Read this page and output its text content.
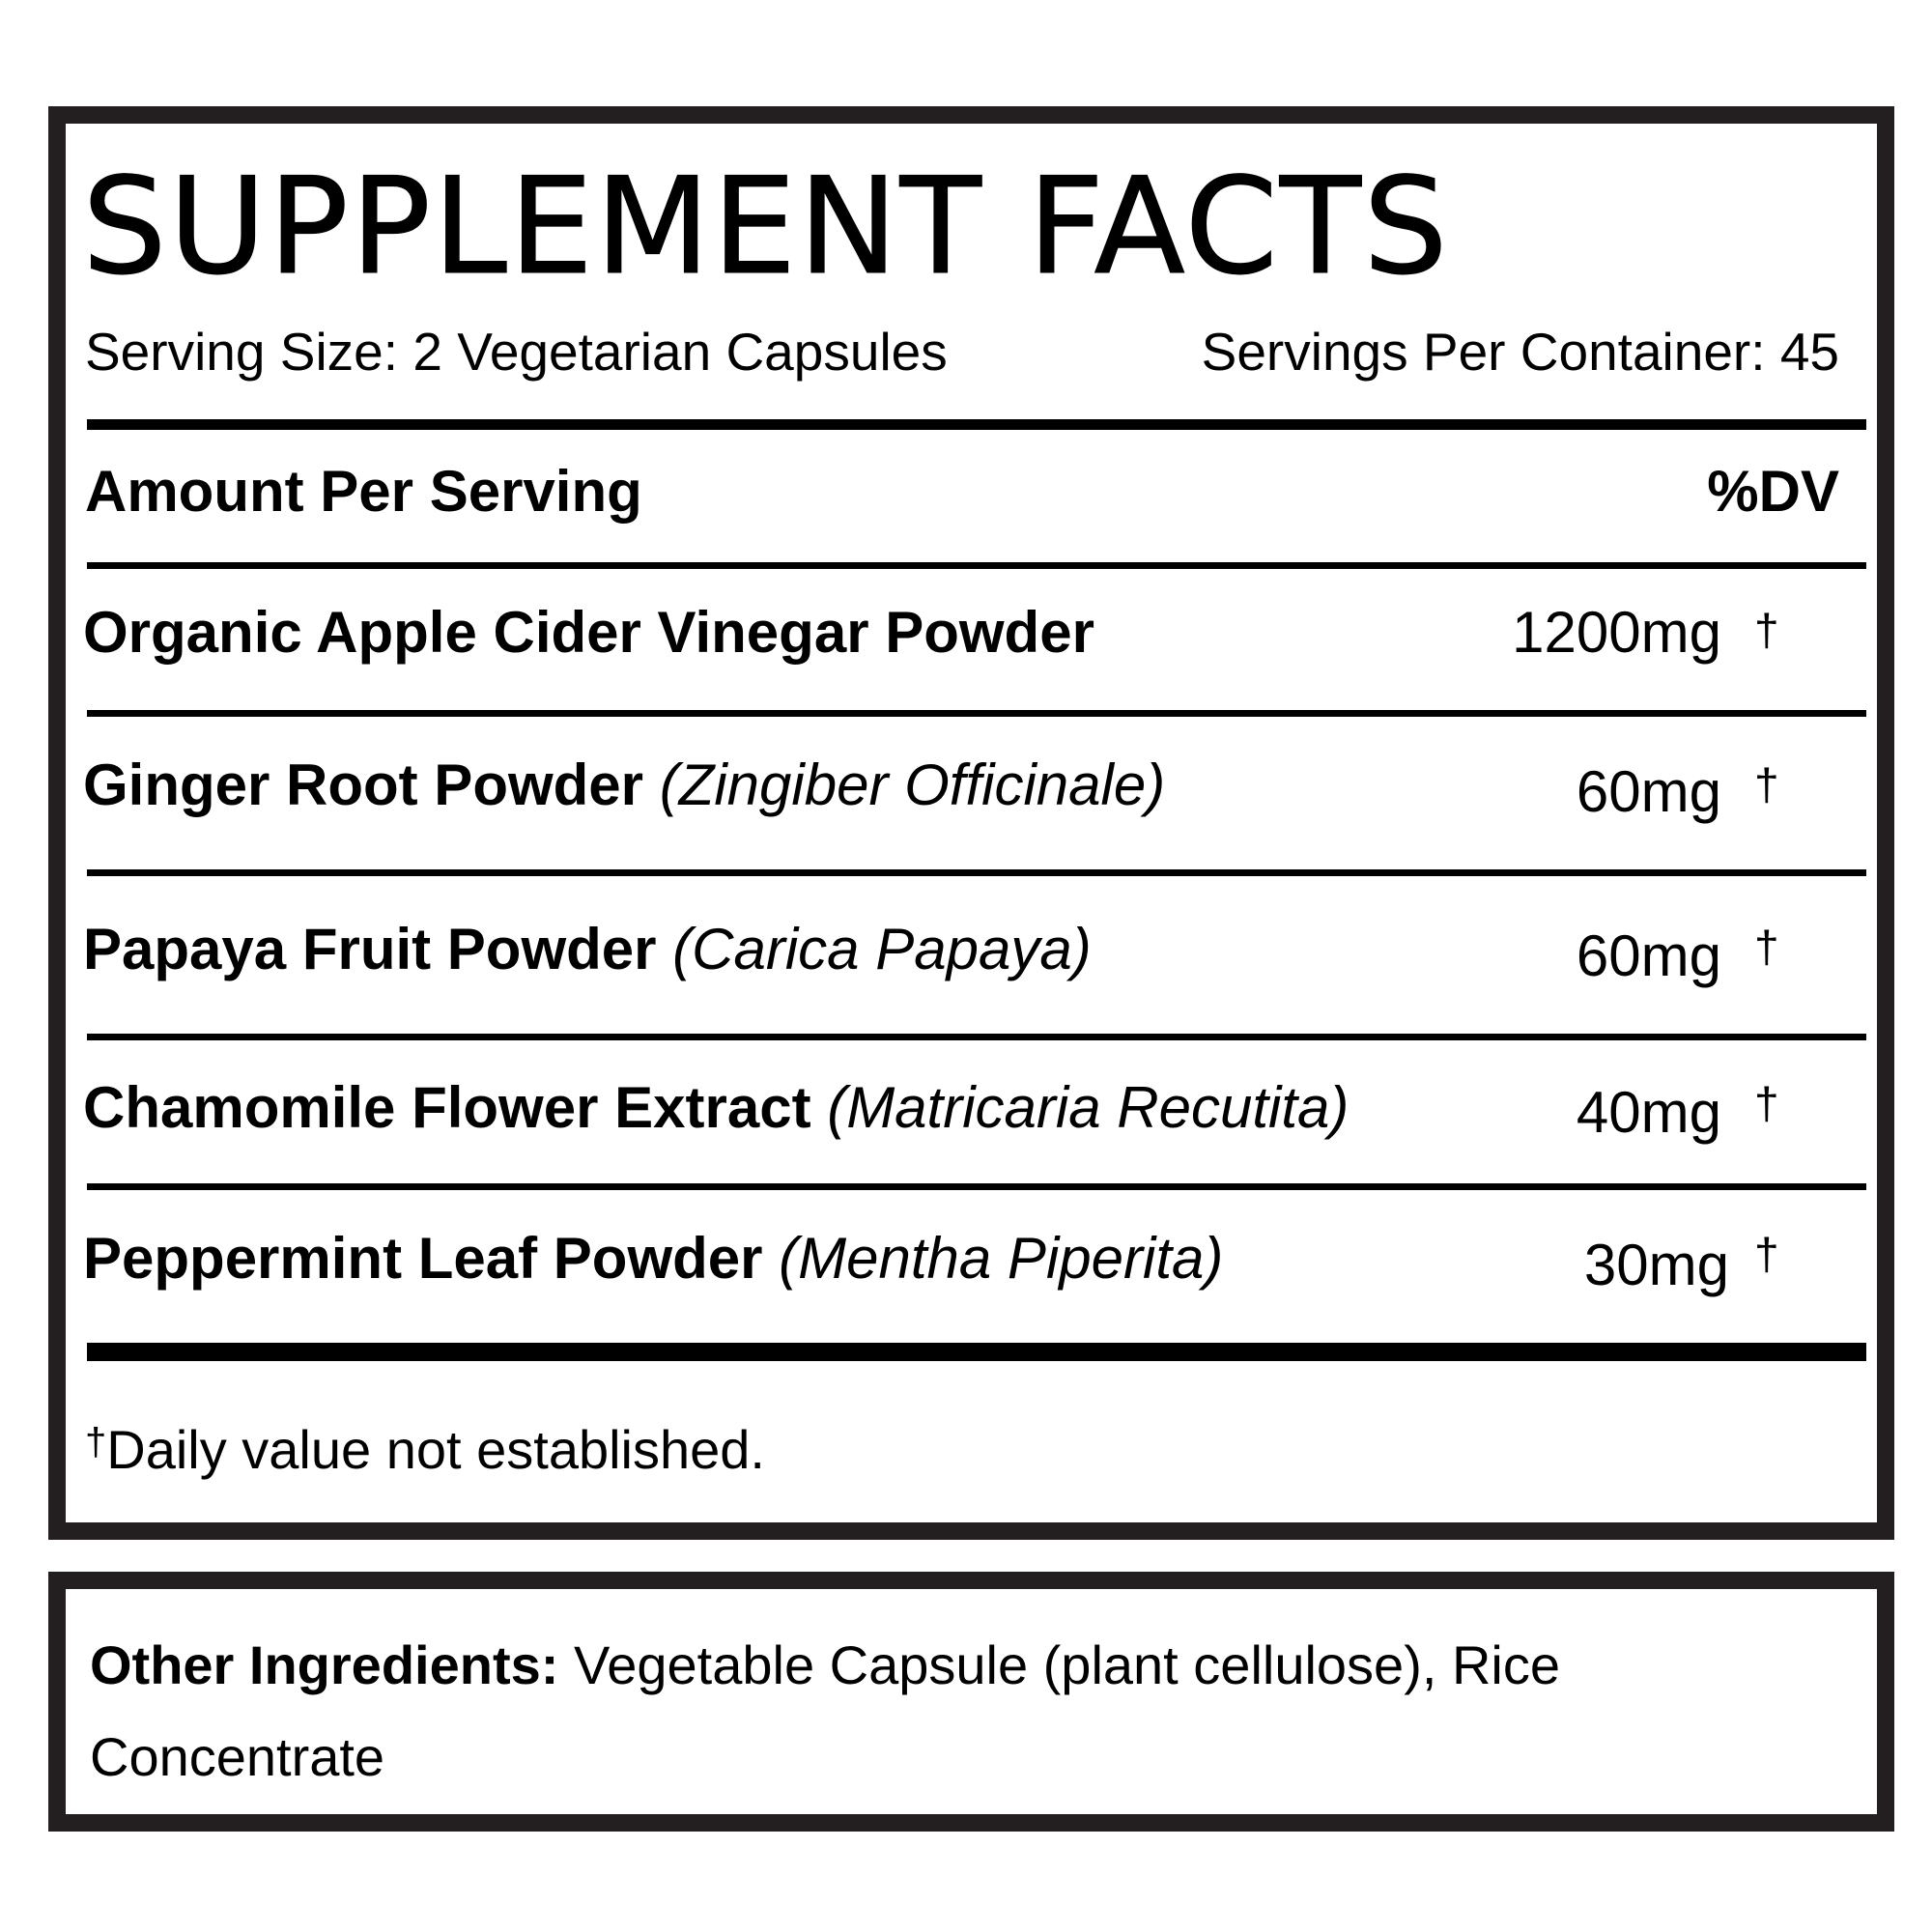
SUPPLEMENT FACTS
Serving Size: 2 Vegetarian Capsules	Servings Per Container: 45
Amount Per Serving	%DV
Organic Apple Cider Vinegar Powder	1200mg †
Ginger Root Powder (Zingiber Officinale)	60mg †
Papaya Fruit Powder (Carica Papaya)	60mg †
Chamomile Flower Extract (Matricaria Recutita)	40mg †
Peppermint Leaf Powder (Mentha Piperita)	30mg †
†Daily value not established.
Other Ingredients: Vegetable Capsule (plant cellulose), Rice Concentrate
